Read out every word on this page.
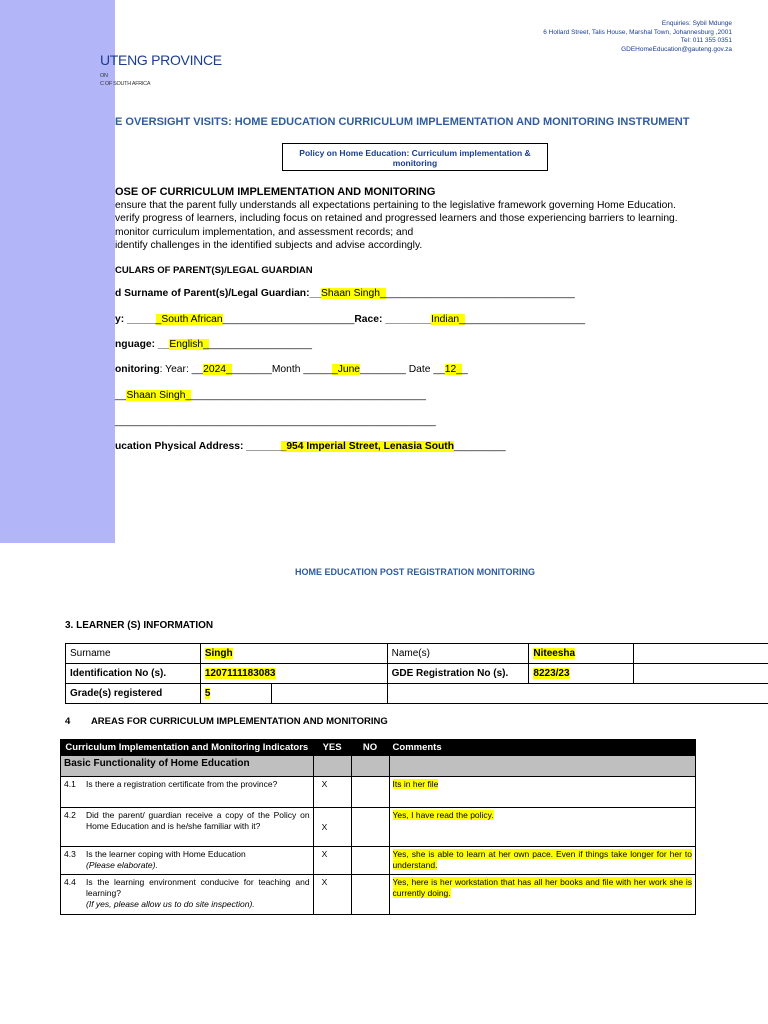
UTENG PROVINCE
ON
C OF SOUTH AFRICA
Enquiries: Sybil Mdunge
6 Hollard Street, Talis House, Marshal Town, Johannesburg ,2001
Tel: 011 355 0351
GDEHomeEducation@gauteng.gov.za
E OVERSIGHT VISITS: HOME EDUCATION CURRICULUM IMPLEMENTATION AND MONITORING INSTRUMENT
Policy on Home Education: Curriculum implementation & monitoring
OSE OF CURRICULUM IMPLEMENTATION AND MONITORING
ensure that the parent fully understands all expectations pertaining to the legislative framework governing Home Education.
verify progress of learners, including focus on retained and progressed learners and those experiencing barriers to learning.
monitor curriculum implementation, and assessment records; and
identify challenges in the identified subjects and advise accordingly.
CULARS OF PARENT(S)/LEGAL GUARDIAN
d Surname of Parent(s)/Legal Guardian:__Shaan Singh__________________________________
y: ______South African_______________________Race: ________Indian______________________
nguage: __English___________________
onitoring: Year: __2024________Month ______June________ Date __12__
__Shaan Singh__________________________________________
________________________________________________________
ucation Physical Address: _______954 Imperial Street, Lenasia South_________
HOME EDUCATION POST REGISTRATION MONITORING
3. LEARNER (S) INFORMATION
Surname	Singh	Name(s)	Niteesha	
Identification No (s).	1207111183083	GDE Registration No (s).	8223/23	
Grade(s) registered	5			

4 AREAS FOR CURRICULUM IMPLEMENTATION AND MONITORING
Curriculum Implementation and Monitoring Indicators	YES	NO	Comments
Basic Functionality of Home Education			

4.1 Is there a registration certificate from the province?	X		Its in her file

4.2 Did the parent/ guardian receive a copy of the Policy on Home Education and is he/she familiar with it?	X		Yes, I have read the policy.

4.3 Is the learner coping with Home Education
(Please elaborate).	X		Yes, she is able to learn at her own pace. Even if things take longer for her to understand.

4.4 Is the learning environment conducive for teaching and learning?
(If yes, please allow us to do site inspection).	X		Yes, here is her workstation that has all her books and file with her work she is currently doing.
